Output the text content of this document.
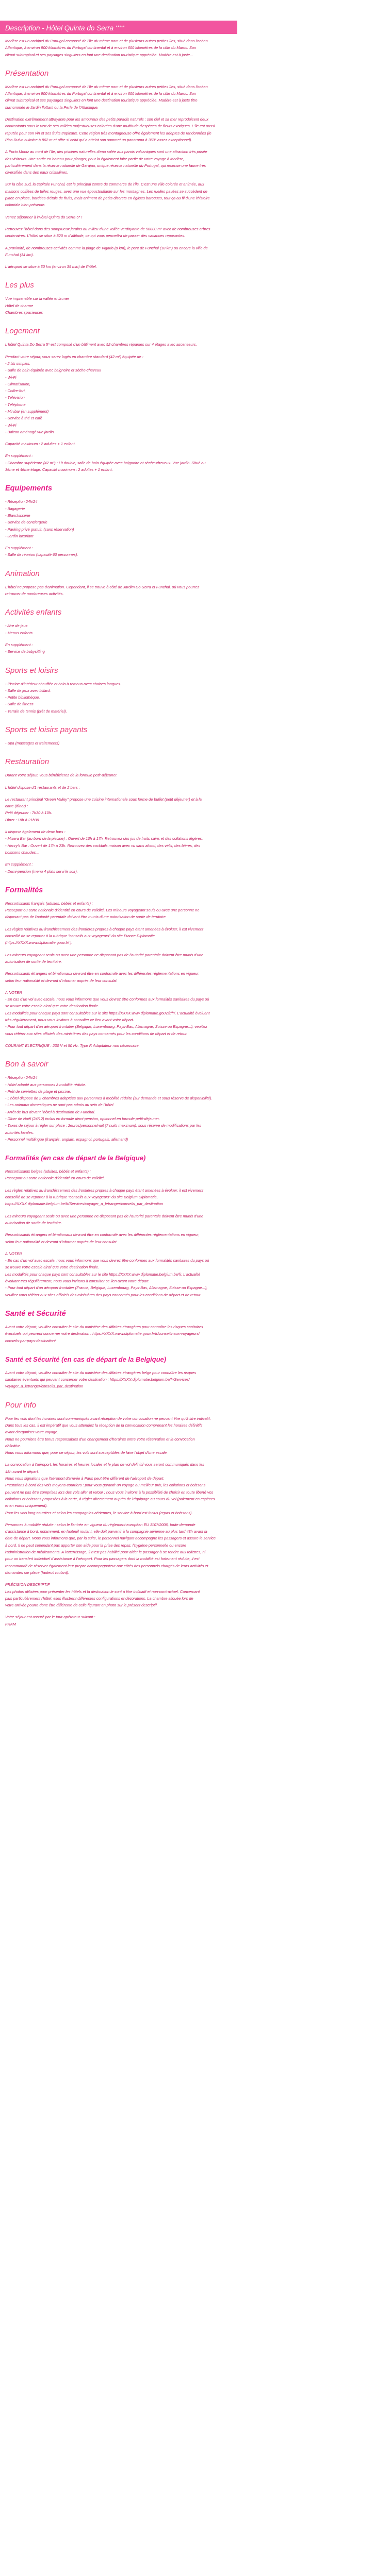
Description - Hôtel Quinta do Serra *****
Madère est un archipel du Portugal composé de l'île du même nom et de plusieurs autres petites îles, situé dans l'océan
Atlantique, à environ 900 kilomètres du Portugal continental et à environ 600 kilomètres de la côte du Maroc. Son
climat subtropical et ses paysages singuliers en font une destination touristique appréciée. Madère est à juste...
Présentation
Madère est un archipel du Portugal composé de l'île du même nom et de plusieurs autres petites îles, situé dans l'océan
Atlantique, à environ 900 kilomètres du Portugal continental et à environ 600 kilomètres de la côte du Maroc. Son
climat subtropical et ses paysages singuliers en font une destination touristique appréciée. Madère est à juste titre
surnommée le Jardin flottant ou la Perle de l'Atlantique.
Destination extrêmement attrayante pour les amoureux des petits paradis naturels : son ciel et sa mer reproduisent deux
contrastants sous le vert de ses vallées majestueuses colorées d'une multitude d'espèces de fleurs exotiques. L'île est aussi
réputée pour son vin et ses fruits tropicaux. Cette région très montagneuse offre également les adeptes de randonnées (le
Pico Ruivo culmine à 862 m et offre si celui qui a atteint son sommet un panorama à 360° assez exceptionnel).
A Porto Moniz au nord de l'île, des piscines naturelles d'eau salée aux parois volcaniques sont une attraction très prisée
des visiteurs. Une sortie en bateau pour plonger, pour la également faire partie de votre voyage à Madère,
particulièrement dans la réserve naturelle de Garajau, unique réserve naturelle du Portugal, qui recense une faune très
diversifiée dans des eaux cristallines.
Sur la côte sud, la capitale Funchal, est le principal centre de commerce de l'île. C'est une ville colorée et animée, aux
maisons coiffées de tuiles rouges, avec une vue époustouflante sur les montagnes. Les ruelles pavées se succèdent de
place en place, bordées d'étals de fruits, mais animent de petits discrets en églises baroques, tout ça au fil d'une l'histoire
coloniale bien présente.
Venez séjourner à l'Hôtel Quinta do Serra 5* !
Retrouvez l'hôtel dans des somptueux jardins au milieu d'une vallée verdoyante de 50000 m² avec de nombreuses arbres
centenaires. L'hôtel se situe à 820 m d'altitude, ce qui vous permettra de passer des vacances reposantes.
A proximité, de nombreuses activités comme la plage de Vigario (8 km), le parc de Funchal (18 km) ou encore la ville de
Funchal (14 km).
L'aéroport se situe à 30 km (environ 35 min) de l'hôtel.
Les plus
Vue imprenable sur la vallée et la mer
Hôtel de charme
Chambres spacieuses
Logement
L'hôtel Quinta Do Serra 5* est composé d'un bâtiment avec 52 chambres réparties sur 4 étages avec ascenseurs.
Pendant votre séjour, vous serez logés en chambre standard (42 m²) équipée de :
- 2 lits simples,
- Salle de bain équipée avec baignoire et sèche-cheveux
- Wi-Fi
- Climatisation,
- Coffre-fort,
- Télévision
- Téléphone
- Minibar (en supplément)
- Service à thé et café
- Wi-Fi
- Balcon aménagé vue jardin.
Capacité maximum : 2 adultes + 1 enfant.
En supplément :
- Chambre supérieure (42 m²) : Lit double, salle de bain équipée avec baignoire et sèche-cheveux. Vue jardin. Situé au
3ème et 4ème étage. Capacité maximum : 2 adultes + 1 enfant.
Equipements
- Réception 24h/24
- Bagagerie
- Blanchisserie
- Service de conciergerie
- Parking privé gratuit, (sans réservation)
- Jardin luxuriant
En supplément :
- Salle de réunion (capacité 60 personnes).
Animation
L'hôtel ne propose pas d'animation. Cependant, il se trouve à côté de Jardim Do Serra et Funchal, où vous pourrez
retrouver de nombreuses activités.
Activités enfants
- Aire de jeux
- Menus enfants
En supplément :
- Service de babysitting
Sports et loisirs
- Piscine d'intérieur chauffée et bain à remous avec chaises longues.
- Salle de jeux avec billard.
- Petite bibliothèque.
- Salle de fitness
- Terrain de tennis (prêt de matériel).
Sports et loisirs payants
- Spa (massages et traitements)
Restauration
Durant votre séjour, vous bénéficierez de la formule petit-déjeuner.
L'hôtel dispose d'1 restaurants et de 2 bars :
Le restaurant principal "Green Valley" propose une cuisine internationale sous forme de buffet (petit déjeuner) et à la
carte (dîner) :
Petit déjeuner : 7h30 à 10h.
Dîner : 18h à 21h30
Il dispose également de deux bars :
- Misera Bar (au bord de la piscine) : Ouvert de 10h à 17h. Retrouvez des jus de fruits sains et des collations légères.
- Henry's Bar : Ouvert de 17h à 23h. Retrouvez des cocktails maison avec vu sans alcool, des vélis, des bières, des
boissons chaudes...
En supplément :
- Demi-pension (menu 4 plats servi le soir).
Formalités
Ressortissants français (adultes, bébés et enfants) :
Passeport ou carte nationale d'identité en cours de validité. Les mineurs voyageant seuls ou avec une personne ne
disposant pas de l'autorité parentale doivent être munis d'une autorisation de sortie de territoire.
Les règles relatives au franchissement des frontières propres à chaque pays étant amenées à évoluer, il est vivement
conseillé de se reporter à la rubrique "conseils aux voyageurs" du site France Diplomatie
(https://XXXX.www.diplomatie.gouv.fr/ ).
Les mineurs voyageant seuls ou avec une personne ne disposant pas de l'autorité parentale doivent être munis d'une
autorisation de sortie de territoire.
Ressortissants étrangers et binationaux devront être en conformité avec les différentes réglementations en vigueur,
selon leur nationalité et devront s'informer auprès de leur consulat.
A NOTER
- En cas d'un vol avec escale, nous vous informons que vous devrez être conformes aux formalités sanitaires du pays où
se trouve votre escale ainsi que votre destination finale.
Les modalités pour chaque pays sont consultables sur le site https://XXXX.www.diplomatie.gouv.fr/fr/. L'actualité évoluant
très régulièrement, nous vous invitons à consulter ce lien avant votre départ.
- Pour tout départ d'un aéroport frontalier (Belgique, Luxembourg, Pays-Bas, Allemagne, Suisse ou Espagne...), veuillez
vous référer aux sites officiels des ministères des pays concernés pour les conditions de départ et de retour.
COURANT ELECTRIQUE : 230 V et 50 Hz. Type F. Adaptateur non nécessaire.
Bon à savoir
- Réception 24h/24
- Hôtel adapté aux personnes à mobilité réduite.
- Prêt de serviettes de plage et piscine.
- L'hôtel dispose de 2 chambres adaptées aux personnes à mobilité réduite (sur demande et sous réserve de disponibilité).
- Les animaux domestiques ne sont pas admis au sein de l'hôtel.
- Arrêt de bus devant l'hôtel à destination de Funchal.
- Dîner de Noël (24/12) inclus en formule demi-pension, optionnel en formule petit-déjeuner.
- Taxes de séjour à régler sur place : 2euros/personne/nuit (7 nuits maximum), sous réserve de modifications par les
autorités locales.
- Personnel multilingue (français, anglais, espagnol, portugais, allemand)
Formalités (en cas de départ de la Belgique)
Ressortissants belges (adultes, bébés et enfants) :
Passeport ou carte nationale d'identité en cours de validité.
Les règles relatives au franchissement des frontières propres à chaque pays étant amenées à évoluer, il est vivement
conseillé de se reporter à la rubrique "conseils aux voyageurs" du site Belgium Diplomatie,
https://XXXX.diplomatie.belgium.be/fr/Services/voyager_a_letranger/conseils_par_destination
Les mineurs voyageant seuls ou avec une personne ne disposant pas de l'autorité parentale doivent être munis d'une
autorisation de sortie de territoire.
Ressortissants étrangers et binationaux devront être en conformité avec les différentes réglementations en vigueur,
selon leur nationalité et devront s'informer auprès de leur consulat.
A NOTER
- En cas d'un vol avec escale, nous vous informons que vous devrez être conformes aux formalités sanitaires du pays où
se trouve votre escale ainsi que votre destination finale.
Les modalités pour chaque pays sont consultables sur le site https://XXXX.www.diplomatie.belgium.be/fr. L'actualité
évoluant très régulièrement, nous vous invitons à consulter ce lien avant votre départ.
- Pour tout départ d'un aéroport frontalier (France, Belgique, Luxembourg, Pays-Bas, Allemagne, Suisse ou Espagne...),
veuillez vous référer aux sites officiels des ministères des pays concernés pour les conditions de départ et de retour.
Santé et Sécurité
Avant votre départ, veuillez consulter le site du ministère des Affaires étrangères pour connaître les risques sanitaires
éventuels qui peuvent concerner votre destination : https://XXXX.www.diplomatie.gouv.fr/fr/conseils-aux-voyageurs/
conseils-par-pays-destination/
Santé et Sécurité (en cas de départ de la Belgique)
Avant votre départ, veuillez consulter le site du ministère des Affaires étrangères belge pour connaître les risques
sanitaires éventuels qui peuvent concerner votre destination : https://XXXX.diplomatie.belgium.be/fr/Services/
voyager_a_letranger/conseils_par_destination
Pour info
Pour les vols dont les horaires sont communiqués avant réception de votre convocation ne peuvent être qu'à titre indicatif.
Dans tous les cas, il est impératif que vous attendiez la réception de la convocation comprenant les horaires définitifs
avant d'organiser votre voyage.
Nous ne pourrions être tenus responsables d'un changement d'horaires entre votre réservation et la convocation
définitive.
Nous vous informons que, pour ce séjour, les vols sont susceptibles de faire l'objet d'une escale.
La convocation à l'aéroport, les horaires et heures locales et le plan de vol définitif vous seront communiqués dans les
48h avant le départ.
Nous vous signalons que l'aéroport d'arrivée à Paris peut être différent de l'aéroport de départ.
Prestations à bord des vols moyens-courriers : pour vous garantir un voyage au meilleur prix, les collations et boissons
peuvent ne pas être comprises lors des vols aller et retour ; nous vous invitons à la possibilité de choisir en toute liberté vos
collations et boissons proposées à la carte, à régler directement auprès de l'équipage au cours du vol (paiement en espèces
et en euros uniquement).
Pour les vols long-courriers et selon les compagnies aériennes, le service à bord est inclus (repas et boissons).
Personnes à mobilité réduite : selon le l'entrée en vigueur du règlement européen EU 1107/2006, toute demande
d'assistance à bord, notamment, en fauteuil roulant, elle doit parvenir à la compagnie aérienne au plus tard 48h avant la
date de départ. Nous vous informons que, par la suite, le personnel navigant accompagne les passagers et assure le service
à bord. Il ne peut cependant pas apporter son aide pour la prise des repas, l'hygiène personnelle ou encore
l'administration de médicaments. A l'atterrissage, il n'est pas habilité pour aider le passager à se rendre aux toilettes, ni
pour un transfert individuel d'assistance à l'aéroport. Pour les passagers dont la mobilité est fortement réduite, il est
recommandé de réserver également leur propre accompagnateur aux côtés des personnels chargés de leurs activités et
demandes sur place (fauteuil roulant).
PRÉCISION DESCRIPTIF
Les photos utilisées pour présenter les hôtels et la destination le sont à titre indicatif et non-contractuel. Concernant
plus particulièrement l'hôtel, elles illustrent différentes configurations et décorations. La chambre allouée lors de
votre arrivée pourra donc être différente de celle figurant en photo sur le présent descriptif.
Votre séjour est assuré par le tour-opérateur suivant :
FRAM
